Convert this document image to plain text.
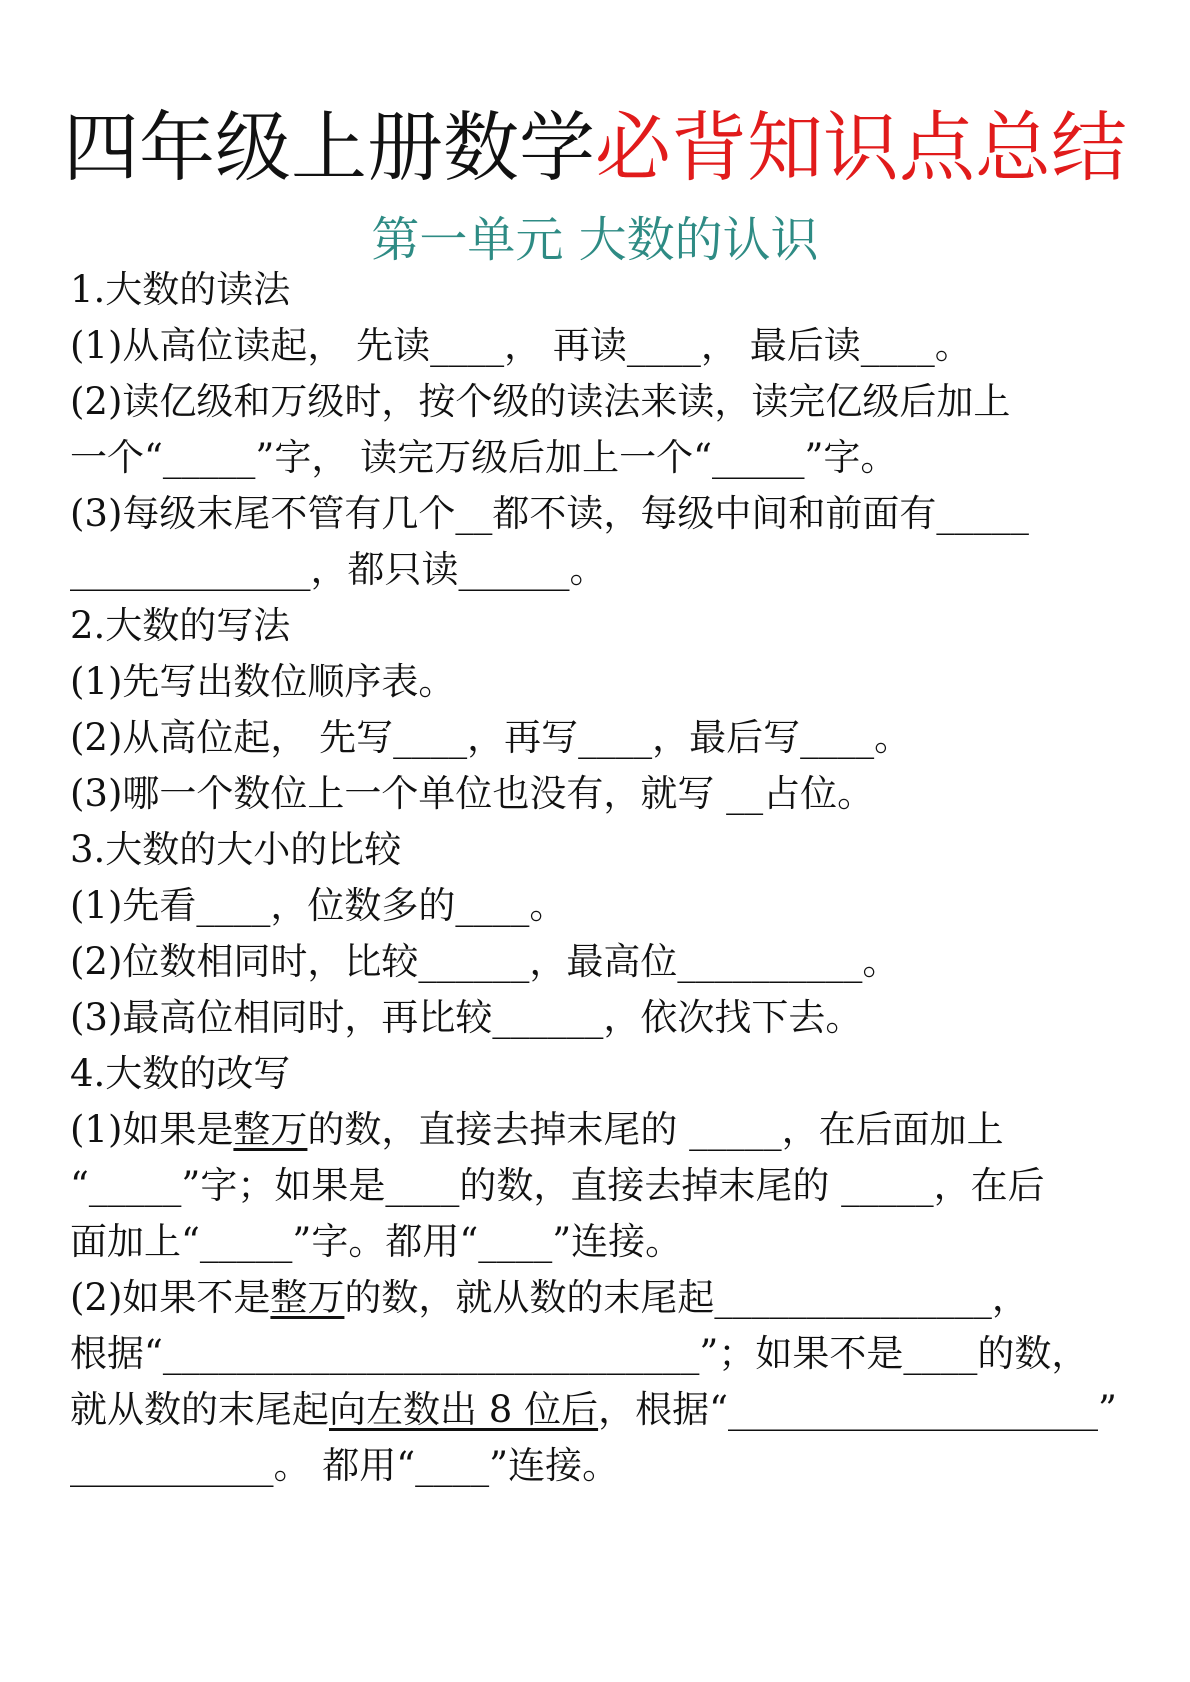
四年级上册数学必背知识点总结
第一单元 大数的认识
1.大数的读法
(1)从高位读起， 先读____， 再读____， 最后读____。
(2)读亿级和万级时，按个级的读法来读，读完亿级后加上
一个“_____”字， 读完万级后加上一个“_____”字。
(3)每级末尾不管有几个__都不读，每级中间和前面有_____
_____________，都只读______。
2.大数的写法
(1)先写出数位顺序表。
(2)从高位起， 先写____，再写____，最后写____。
(3)哪一个数位上一个单位也没有，就写 __占位。
3.大数的大小的比较
(1)先看____，位数多的____。
(2)位数相同时，比较______，最高位__________。
(3)最高位相同时，再比较______，依次找下去。
4.大数的改写
(1)如果是整万的数，直接去掉末尾的 _____，在后面加上
“_____”字；如果是____的数，直接去掉末尾的 _____，在后
面加上“_____”字。都用“____”连接。
(2)如果不是整万的数，就从数的末尾起_______________，
根据“_____________________________”；如果不是____的数，
就从数的末尾起向左数出 8 位后，根据“____________________”
___________。 都用“____”连接。
